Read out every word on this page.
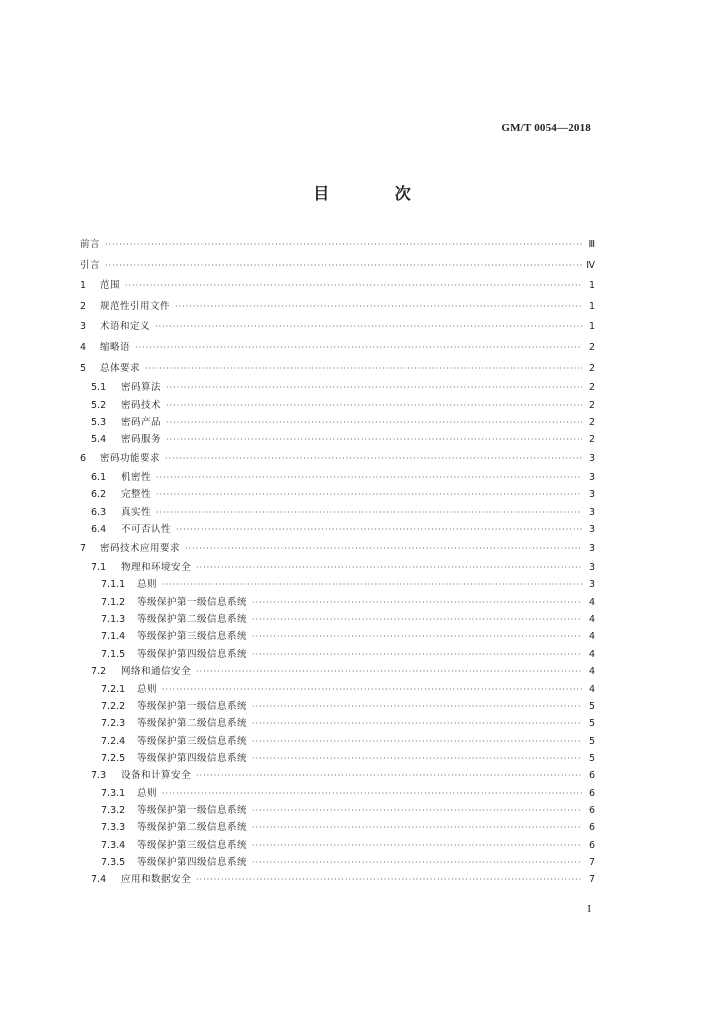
GM/T 0054—2018
目 次
前言 ·····	Ⅲ
引言 ·····	Ⅳ
1	范围 ·····	1
2	规范性引用文件 ·····	1
3	术语和定义 ·····	1
4	缩略语 ·····	2
5	总体要求 ·····	2
5.1	密码算法 ·····	2
5.2	密码技术 ·····	2
5.3	密码产品 ·····	2
5.4	密码服务 ·····	2
6	密码功能要求 ·····	3
6.1	机密性 ·····	3
6.2	完整性 ·····	3
6.3	真实性 ·····	3
6.4	不可否认性 ·····	3
7	密码技术应用要求 ·····	3
7.1	物理和环境安全 ·····	3
7.1.1	总则 ·····	3
7.1.2	等级保护第一级信息系统 ·····	4
7.1.3	等级保护第二级信息系统 ·····	4
7.1.4	等级保护第三级信息系统 ·····	4
7.1.5	等级保护第四级信息系统 ·····	4
7.2	网络和通信安全 ·····	4
7.2.1	总则 ·····	4
7.2.2	等级保护第一级信息系统 ·····	5
7.2.3	等级保护第二级信息系统 ·····	5
7.2.4	等级保护第三级信息系统 ·····	5
7.2.5	等级保护第四级信息系统 ·····	5
7.3	设备和计算安全 ·····	6
7.3.1	总则 ·····	6
7.3.2	等级保护第一级信息系统 ·····	6
7.3.3	等级保护第二级信息系统 ·····	6
7.3.4	等级保护第三级信息系统 ·····	6
7.3.5	等级保护第四级信息系统 ·····	7
7.4	应用和数据安全 ·····	7
I
